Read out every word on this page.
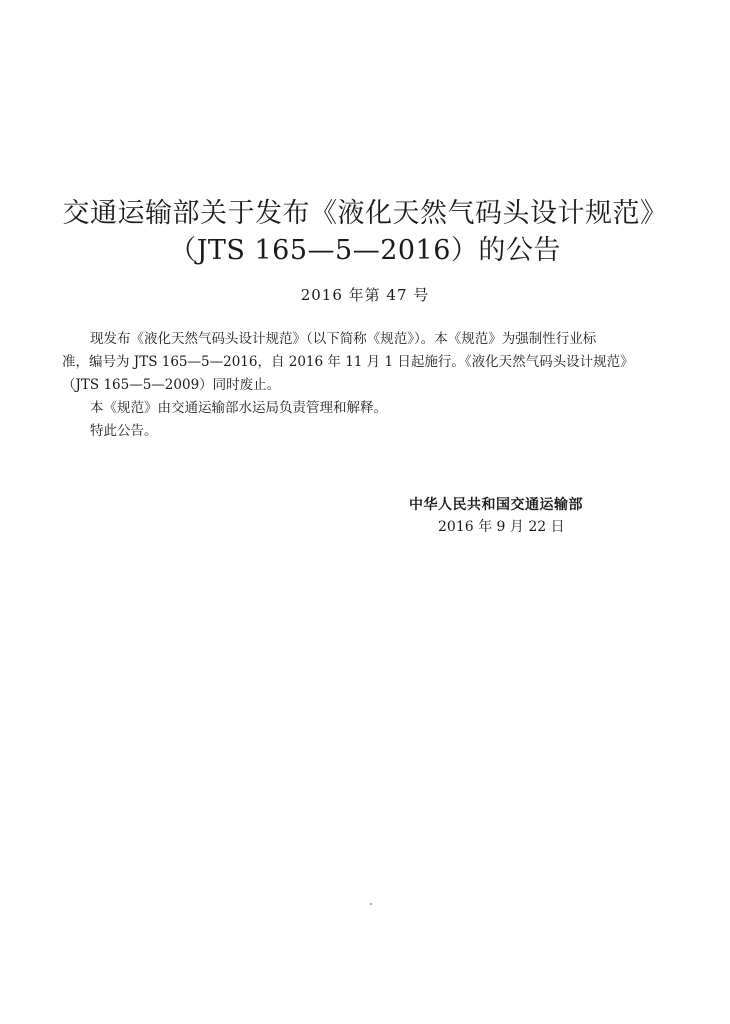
交通运输部关于发布《液化天然气码头设计规范》
（JTS 165—5—2016）的公告
2016 年第 47 号
现发布《液化天然气码头设计规范》（以下简称《规范》）。本《规范》为强制性行业标
准，编号为 JTS 165—5—2016，自 2016 年 11 月 1 日起施行。《液化天然气码头设计规范》
（JTS 165—5—2009）同时废止。
本《规范》由交通运输部水运局负责管理和解释。
特此公告。
中华人民共和国交通运输部
2016 年 9 月 22 日
